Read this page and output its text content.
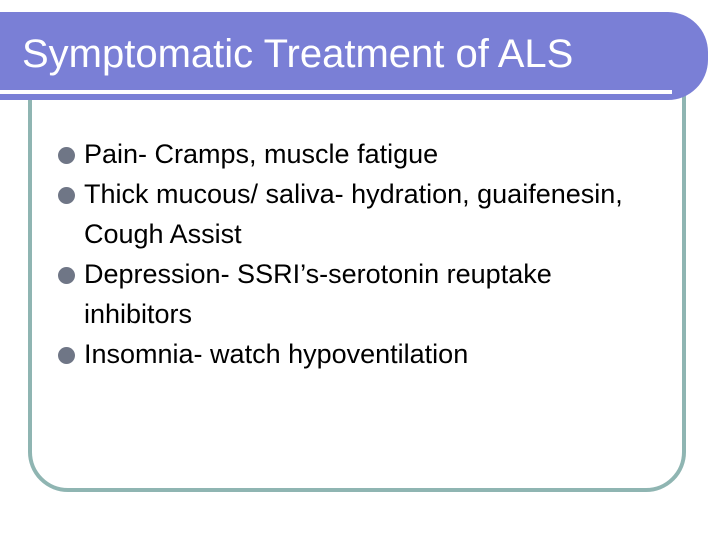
Symptomatic Treatment of ALS
Pain- Cramps, muscle fatigue
Thick mucous/ saliva- hydration, guaifenesin, Cough Assist
Depression- SSRI’s-serotonin reuptake inhibitors
Insomnia- watch hypoventilation
